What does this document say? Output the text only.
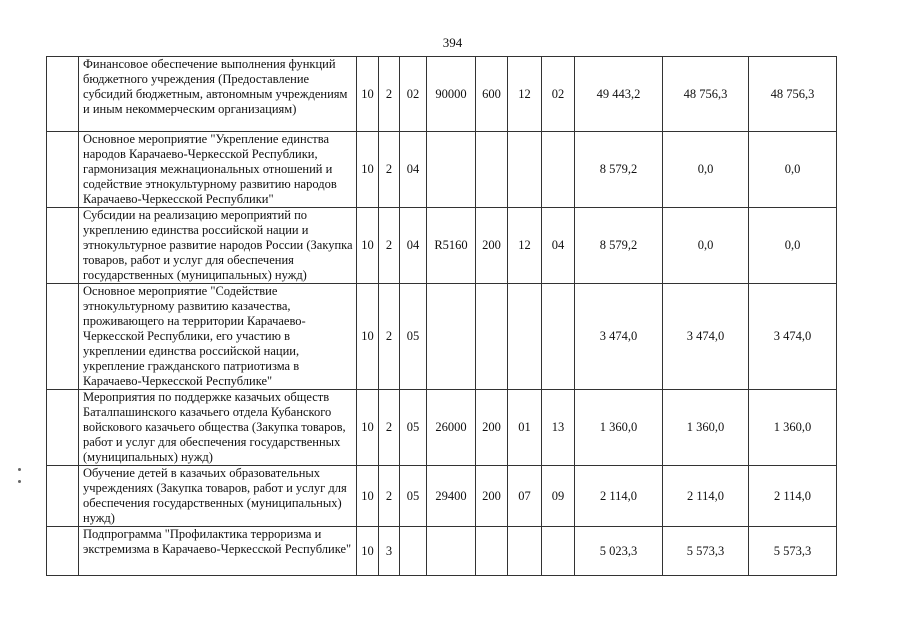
394
	Финансовое обеспечение выполнения функций бюджетного учреждения (Предоставление субсидий бюджетным, автономным учреждениям и иным некоммерческим организациям)	10	2	02	90000	600	12	02	49 443,2	48 756,3	48 756,3
	Основное мероприятие "Укрепление единства народов Карачаево-Черкесской Республики, гармонизация межнациональных отношений и содействие этнокультурному развитию народов Карачаево-Черкесской Республики"	10	2	04					8 579,2	0,0	0,0
	Субсидии на реализацию мероприятий по укреплению единства российской нации и этнокультурное развитие народов России (Закупка товаров, работ и услуг для обеспечения государственных (муниципальных) нужд)	10	2	04	R5160	200	12	04	8 579,2	0,0	0,0
	Основное мероприятие "Содействие этнокультурному развитию казачества, проживающего на территории Карачаево-Черкесской Республики, его участию в укреплении единства российской нации, укрепление гражданского патриотизма в Карачаево-Черкесской Республике"	10	2	05					3 474,0	3 474,0	3 474,0
	Мероприятия по поддержке казачьих обществ Баталпашинского казачьего отдела Кубанского войскового казачьего общества (Закупка товаров, работ и услуг для обеспечения государственных (муниципальных) нужд)	10	2	05	26000	200	01	13	1 360,0	1 360,0	1 360,0
	Обучение детей в казачьих образовательных учреждениях (Закупка товаров, работ и услуг для обеспечения государственных (муниципальных) нужд)	10	2	05	29400	200	07	09	2 114,0	2 114,0	2 114,0
	Подпрограмма "Профилактика терроризма и экстремизма в Карачаево-Черкесской Республике"	10	3						5 023,3	5 573,3	5 573,3
